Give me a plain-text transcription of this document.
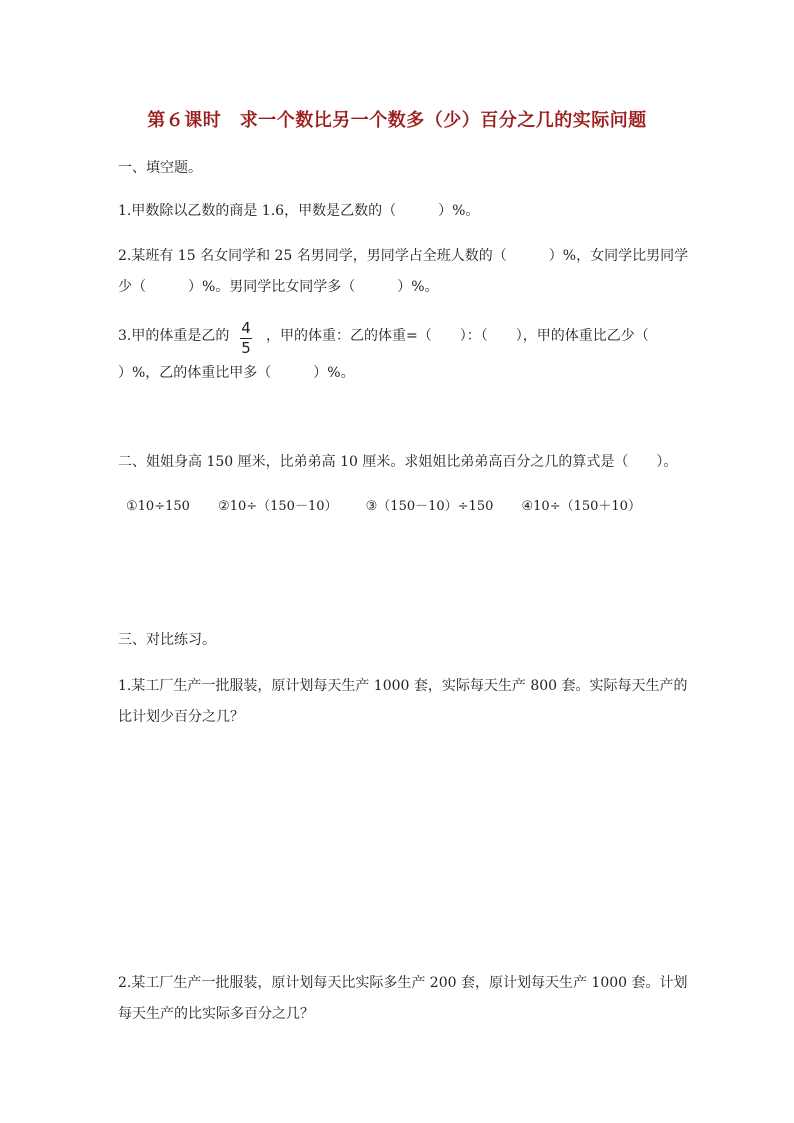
第６课时　求一个数比另一个数多（少）百分之几的实际问题
一、填空题。
1.甲数除以乙数的商是 1.6，甲数是乙数的（　　　）%。
2.某班有 15 名女同学和 25 名男同学，男同学占全班人数的（　　　）%，女同学比男同学
少（　　　）%。男同学比女同学多（　　　）%。
3.甲的体重是乙的 4
5
，甲的体重：乙的体重=（　　）：（　　），甲的体重比乙少（
）%，乙的体重比甲多（　　　）%。
二、姐姐身高 150 厘米，比弟弟高 10 厘米。求姐姐比弟弟高百分之几的算式是（　　）。
①10÷150 ②10÷（150－10） ③（150－10）÷150 ④10÷（150＋10）
三、对比练习。
1.某工厂生产一批服装，原计划每天生产 1000 套，实际每天生产 800 套。实际每天生产的
比计划少百分之几？
2.某工厂生产一批服装，原计划每天比实际多生产 200 套，原计划每天生产 1000 套。计划
每天生产的比实际多百分之几？
